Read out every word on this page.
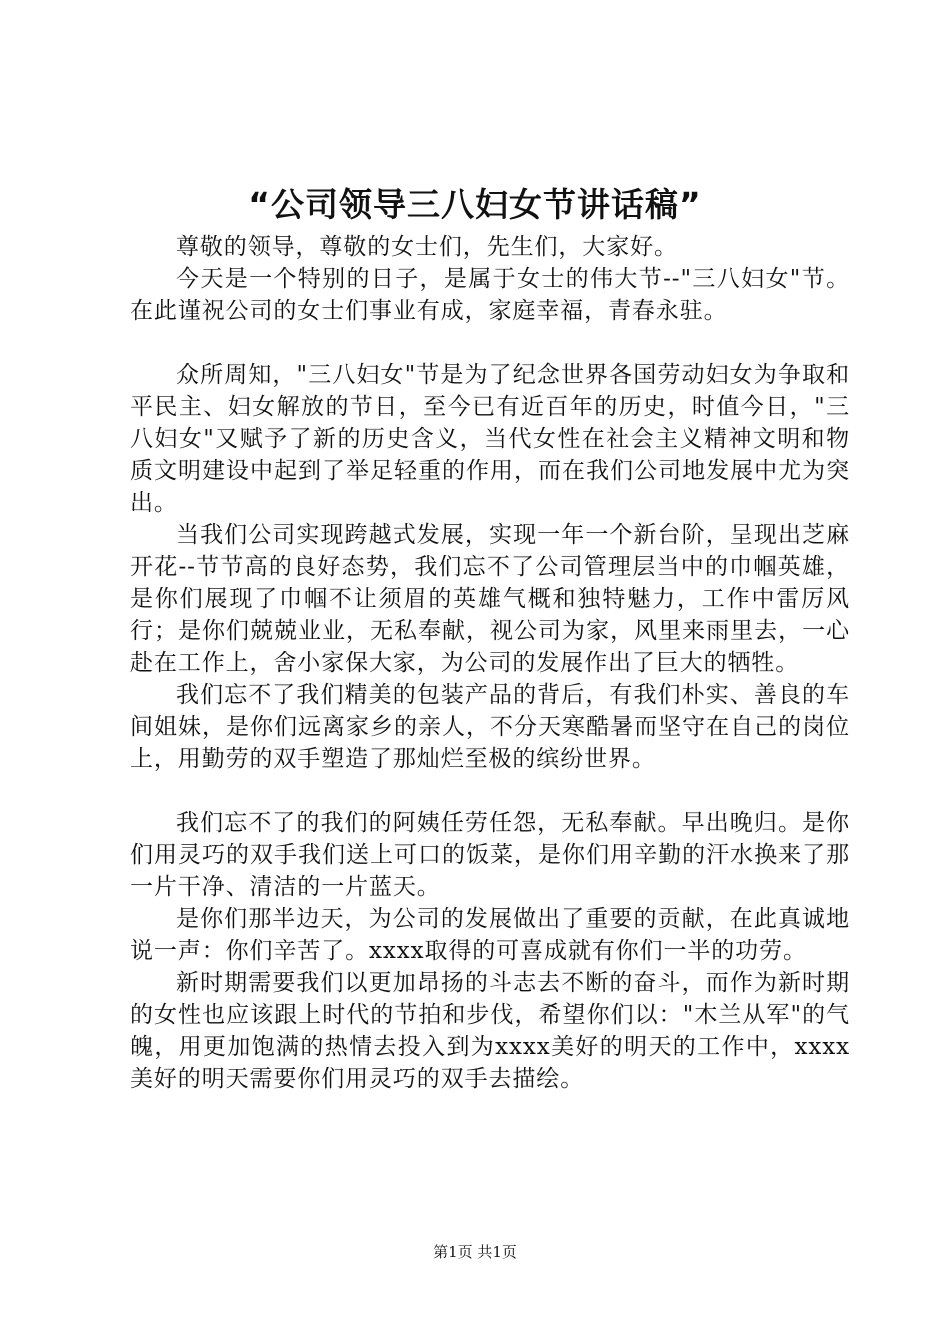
“公司领导三八妇女节讲话稿”

尊敬的领导，尊敬的女士们，先生们，大家好。

今天是一个特别的日子，是属于女士的伟大节--"三八妇女"节。在此谨祝公司的女士们事业有成，家庭幸福，青春永驻。

众所周知，"三八妇女"节是为了纪念世界各国劳动妇女为争取和平民主、妇女解放的节日，至今已有近百年的历史，时值今日，"三八妇女"又赋予了新的历史含义，当代女性在社会主义精神文明和物质文明建设中起到了举足轻重的作用，而在我们公司地发展中尤为突出。

当我们公司实现跨越式发展，实现一年一个新台阶，呈现出芝麻开花--节节高的良好态势，我们忘不了公司管理层当中的巾帼英雄，是你们展现了巾帼不让须眉的英雄气概和独特魅力，工作中雷厉风行；是你们兢兢业业，无私奉献，视公司为家，风里来雨里去，一心赴在工作上，舍小家保大家，为公司的发展作出了巨大的牺牲。

我们忘不了我们精美的包装产品的背后，有我们朴实、善良的车间姐妹，是你们远离家乡的亲人，不分天寒酷暑而坚守在自己的岗位上，用勤劳的双手塑造了那灿烂至极的缤纷世界。

我们忘不了的我们的阿姨任劳任怨，无私奉献。早出晚归。是你们用灵巧的双手我们送上可口的饭菜，是你们用辛勤的汗水换来了那一片干净、清洁的一片蓝天。

是你们那半边天，为公司的发展做出了重要的贡献，在此真诚地说一声：你们辛苦了。xxxx取得的可喜成就有你们一半的功劳。

新时期需要我们以更加昂扬的斗志去不断的奋斗，而作为新时期的女性也应该跟上时代的节拍和步伐，希望你们以："木兰从军"的气魄，用更加饱满的热情去投入到为xxxx美好的明天的工作中，xxxx美好的明天需要你们用灵巧的双手去描绘。

第1页 共1页
